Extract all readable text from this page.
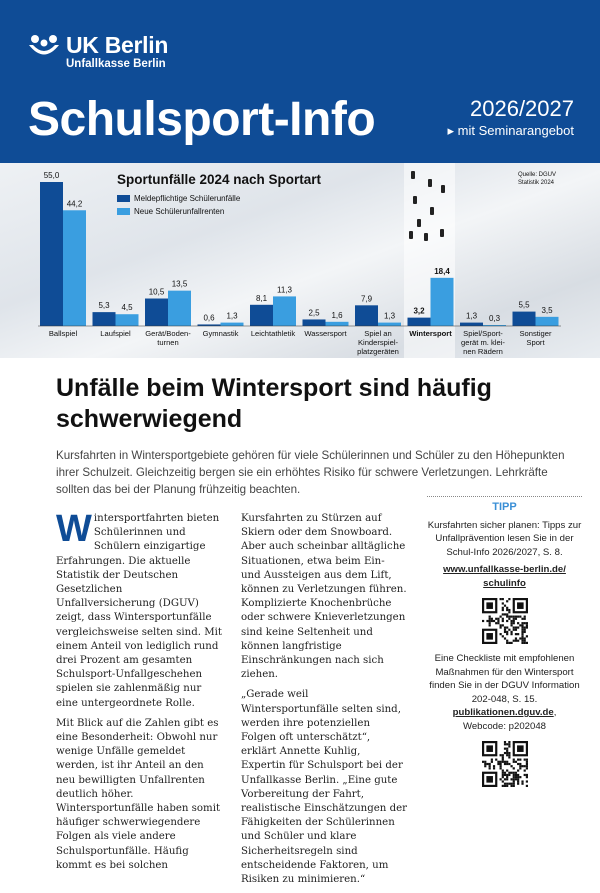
UK Berlin
Unfallkasse Berlin
Schulsport-Info	2026/2027
▸ mit Seminarangebot
55,0
44,2
Ballspiel
5,3 4,5
Laufspiel
10,5
13,5
Gerät/Boden-
turnen
0,6 1,3
Gymnastik
8,1
11,3
Leichtathletik
2,5 1,6
Wassersport
7,9
1,3
Spiel an
Kinderspiel-
platzgeräten
3,2
18,4
Wintersport
1,3 0,3
Spiel/Sport-
gerät m. klei-
nen Rädern
5,5
3,5
Sonstiger
Sport
Sportunfälle 2024 nach Sportart
Meldepflichtige Schülerunfälle
Neue Schülerunfallrenten
Quelle: DGUV
Statistik 2024
Unfälle beim Wintersport sind häufig schwerwiegend
Kursfahrten in Wintersportgebiete gehören für viele Schülerinnen und Schüler zu den Höhepunkten ihrer Schulzeit. Gleichzeitig bergen sie ein erhöhtes Risiko für schwere Verletzungen. Lehrkräfte sollten das bei der Planung frühzeitig beachten.

Wintersportfahrten bieten Schülerinnen und Schülern einzigartige Erfahrungen. Die aktuelle Statistik der Deutschen Gesetzlichen Unfallversicherung (DGUV) zeigt, dass Wintersportunfälle vergleichsweise selten sind. Mit einem Anteil von lediglich rund drei Prozent am gesamten Schulsport-Unfallgeschehen spielen sie zahlenmäßig nur eine untergeordnete Rolle.

Mit Blick auf die Zahlen gibt es eine Besonderheit: Obwohl nur wenige Unfälle gemeldet werden, ist ihr Anteil an den neu bewilligten Unfallrenten deutlich höher. Wintersportunfälle haben somit häufiger schwerwiegendere Folgen als viele andere Schulsportunfälle. Häufig kommt es bei solchen

Kursfahrten zu Stürzen auf Skiern oder dem Snowboard. Aber auch scheinbar alltägliche Situationen, etwa beim Ein- und Aussteigen aus dem Lift, können zu Verletzungen führen. Komplizierte Knochenbrüche oder schwere Knieverletzungen sind keine Seltenheit und können langfristige Einschränkungen nach sich ziehen.

„Gerade weil Wintersportunfälle selten sind, werden ihre potenziellen Folgen oft unterschätzt“, erklärt Annette Kuhlig, Expertin für Schulsport bei der Unfallkasse Berlin. „Eine gute Vorbereitung der Fahrt, realistische Einschätzungen der Fähigkeiten der Schülerinnen und Schüler und klare Sicherheitsregeln sind entscheidende Faktoren, um Risiken zu minimieren.“

TIPP
Kursfahrten sicher planen: Tipps zur Unfallprävention lesen Sie in der Schul-Info 2026/2027, S. 8.
www.unfallkasse-berlin.de/
schulinfo
Eine Checkliste mit empfohlenen Maßnahmen für den Wintersport finden Sie in der DGUV Information 202-048, S. 15.
publikationen.dguv.de,
Webcode: p202048
